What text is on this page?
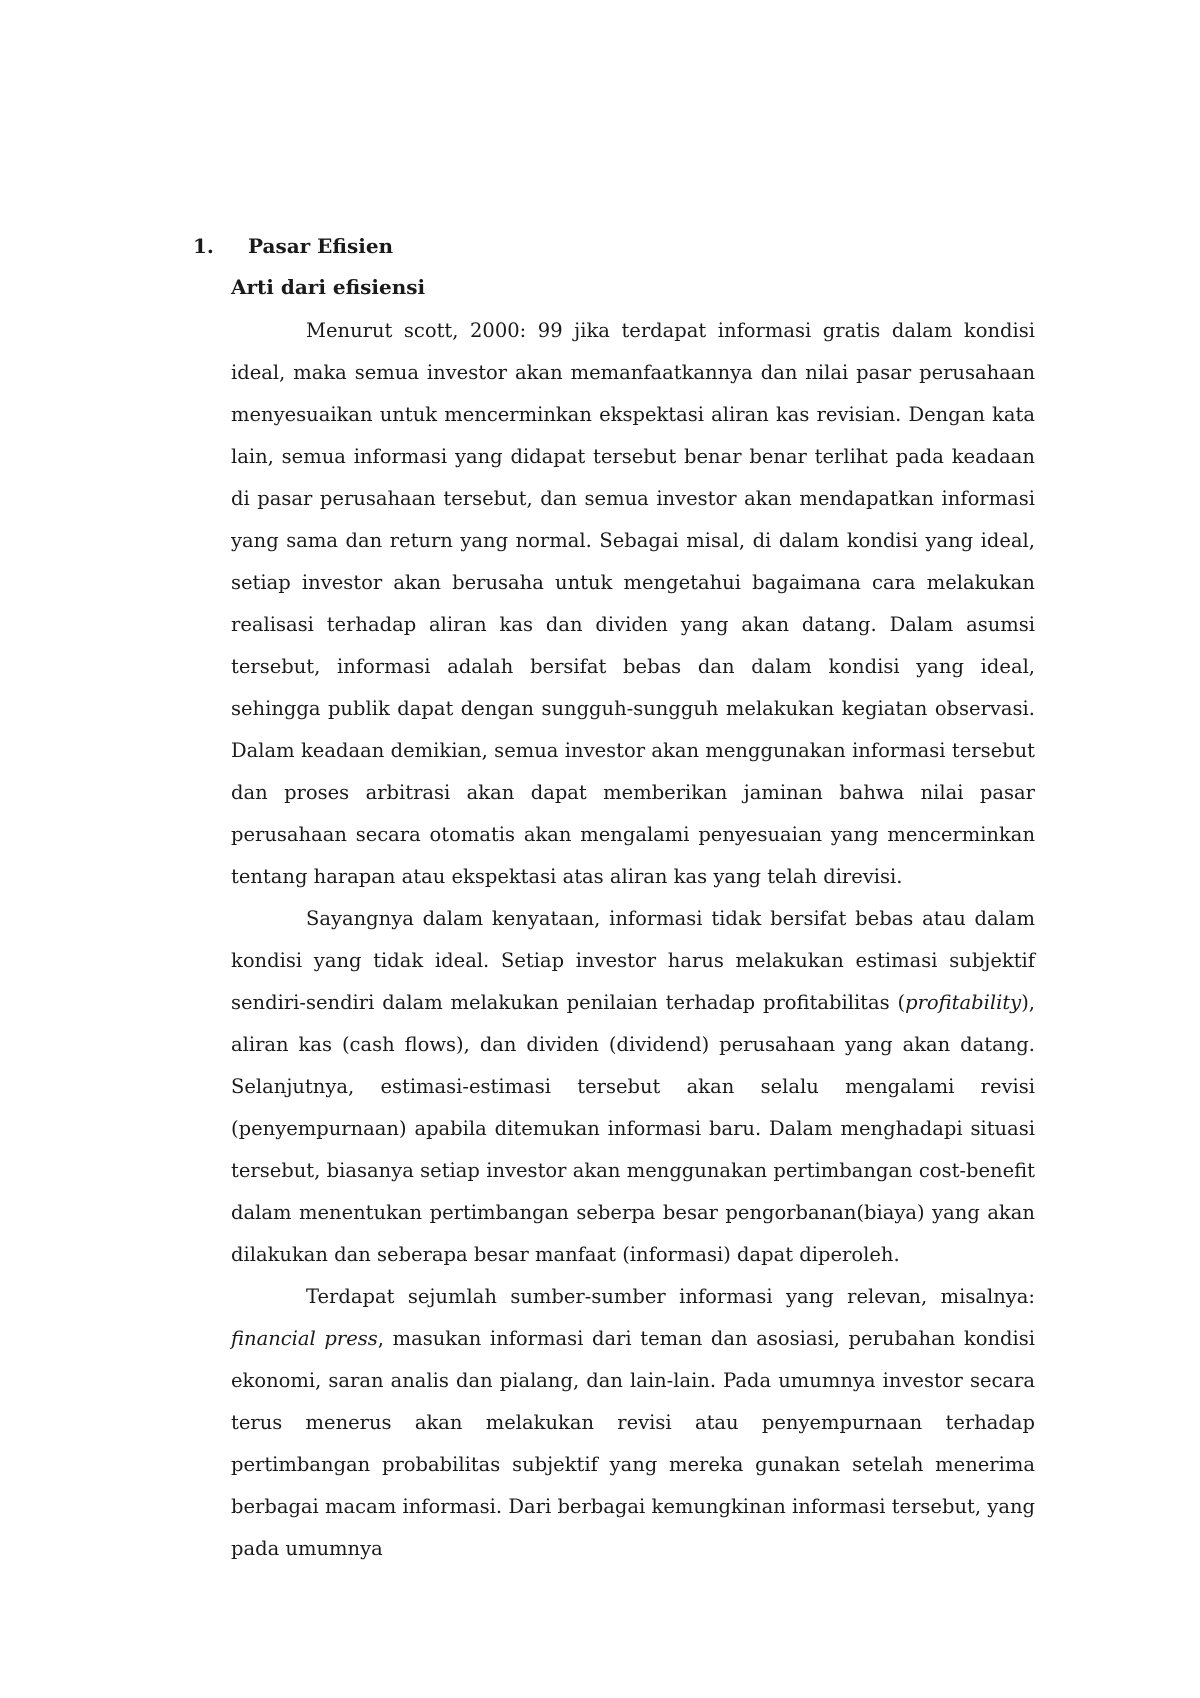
1. Pasar Efisien
Arti dari efisiensi

Menurut scott, 2000: 99 jika terdapat informasi gratis dalam kondisi ideal, maka semua investor akan memanfaatkannya dan nilai pasar perusahaan menyesuaikan untuk mencerminkan ekspektasi aliran kas revisian. Dengan kata lain, semua informasi yang didapat tersebut benar benar terlihat pada keadaan di pasar perusahaan tersebut, dan semua investor akan mendapatkan informasi yang sama dan return yang normal. Sebagai misal, di dalam kondisi yang ideal, setiap investor akan berusaha untuk mengetahui bagaimana cara melakukan realisasi terhadap aliran kas dan dividen yang akan datang. Dalam asumsi tersebut, informasi adalah bersifat bebas dan dalam kondisi yang ideal, sehingga publik dapat dengan sungguh-sungguh melakukan kegiatan observasi. Dalam keadaan demikian, semua investor akan menggunakan informasi tersebut dan proses arbitrasi akan dapat memberikan jaminan bahwa nilai pasar perusahaan secara otomatis akan mengalami penyesuaian yang mencerminkan tentang harapan atau ekspektasi atas aliran kas yang telah direvisi.

Sayangnya dalam kenyataan, informasi tidak bersifat bebas atau dalam kondisi yang tidak ideal. Setiap investor harus melakukan estimasi subjektif sendiri-sendiri dalam melakukan penilaian terhadap profitabilitas (profitability), aliran kas (cash flows), dan dividen (dividend) perusahaan yang akan datang. Selanjutnya, estimasi-estimasi tersebut akan selalu mengalami revisi (penyempurnaan) apabila ditemukan informasi baru. Dalam menghadapi situasi tersebut, biasanya setiap investor akan menggunakan pertimbangan cost-benefit dalam menentukan pertimbangan seberpa besar pengorbanan(biaya) yang akan dilakukan dan seberapa besar manfaat (informasi) dapat diperoleh.

Terdapat sejumlah sumber-sumber informasi yang relevan, misalnya: financial press, masukan informasi dari teman dan asosiasi, perubahan kondisi ekonomi, saran analis dan pialang, dan lain-lain. Pada umumnya investor secara terus menerus akan melakukan revisi atau penyempurnaan terhadap pertimbangan probabilitas subjektif yang mereka gunakan setelah menerima berbagai macam informasi. Dari berbagai kemungkinan informasi tersebut, yang pada umumnya
